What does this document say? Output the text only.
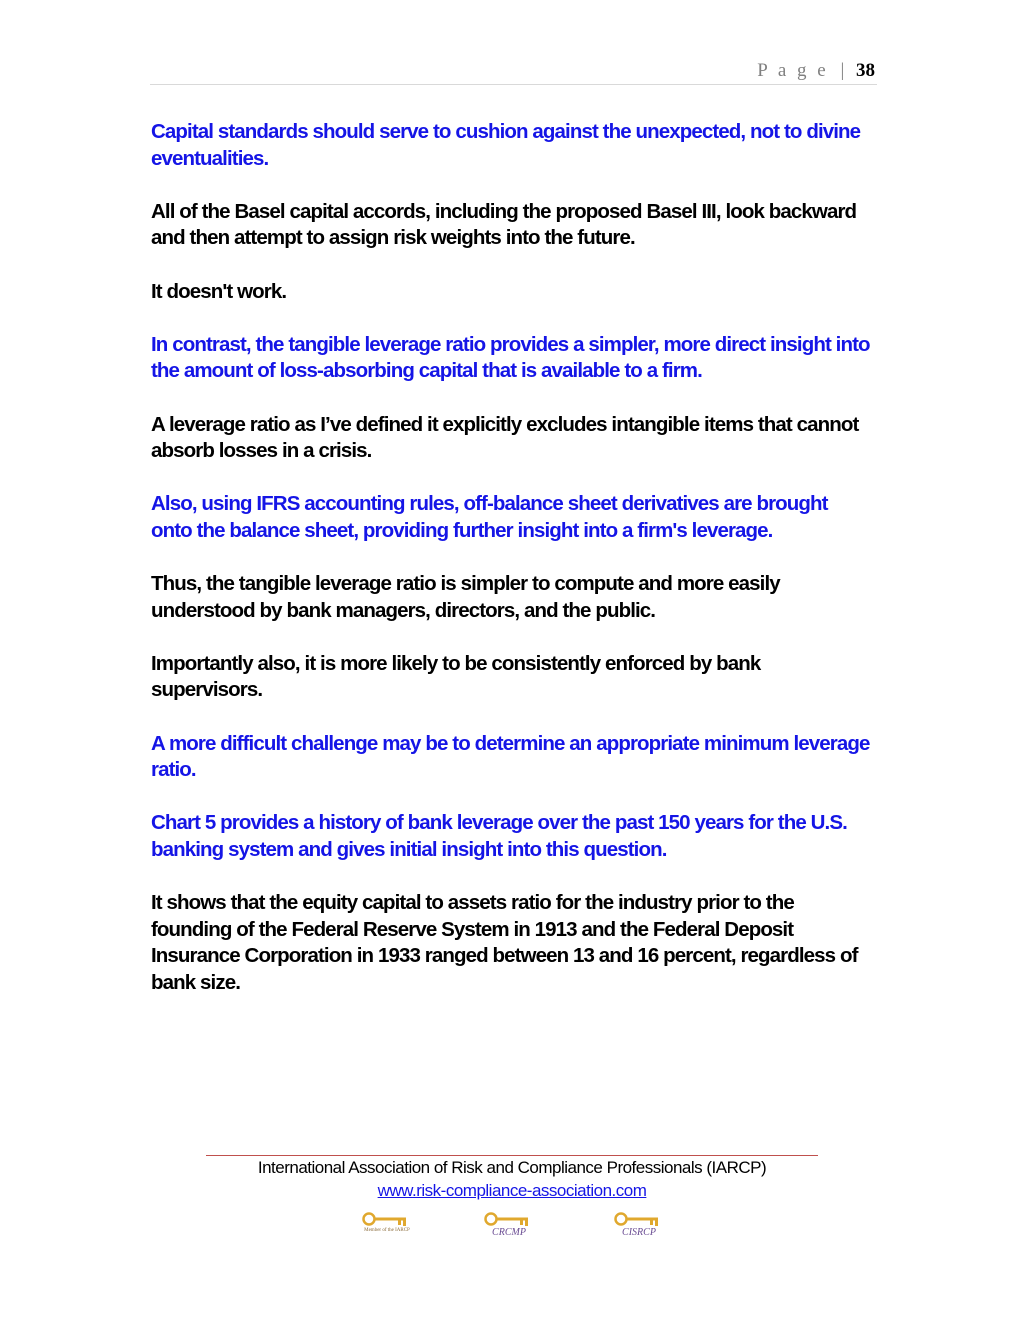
P a g e | 38

Capital standards should serve to cushion against the unexpected, not to divine eventualities.

All of the Basel capital accords, including the proposed Basel III, look backward and then attempt to assign risk weights into the future.

It doesn't work.

In contrast, the tangible leverage ratio provides a simpler, more direct insight into the amount of loss-absorbing capital that is available to a firm.

A leverage ratio as I’ve defined it explicitly excludes intangible items that cannot absorb losses in a crisis.

Also, using IFRS accounting rules, off-balance sheet derivatives are brought onto the balance sheet, providing further insight into a firm's leverage.

Thus, the tangible leverage ratio is simpler to compute and more easily understood by bank managers, directors, and the public.

Importantly also, it is more likely to be consistently enforced by bank supervisors.

A more difficult challenge may be to determine an appropriate minimum leverage ratio.

Chart 5 provides a history of bank leverage over the past 150 years for the U.S. banking system and gives initial insight into this question.

It shows that the equity capital to assets ratio for the industry prior to the founding of the Federal Reserve System in 1913 and the Federal Deposit Insurance Corporation in 1933 ranged between 13 and 16 percent, regardless of bank size.

International Association of Risk and Compliance Professionals (IARCP)
www.risk-compliance-association.com
Member of the IARCP	CRCMP	CISRCP
